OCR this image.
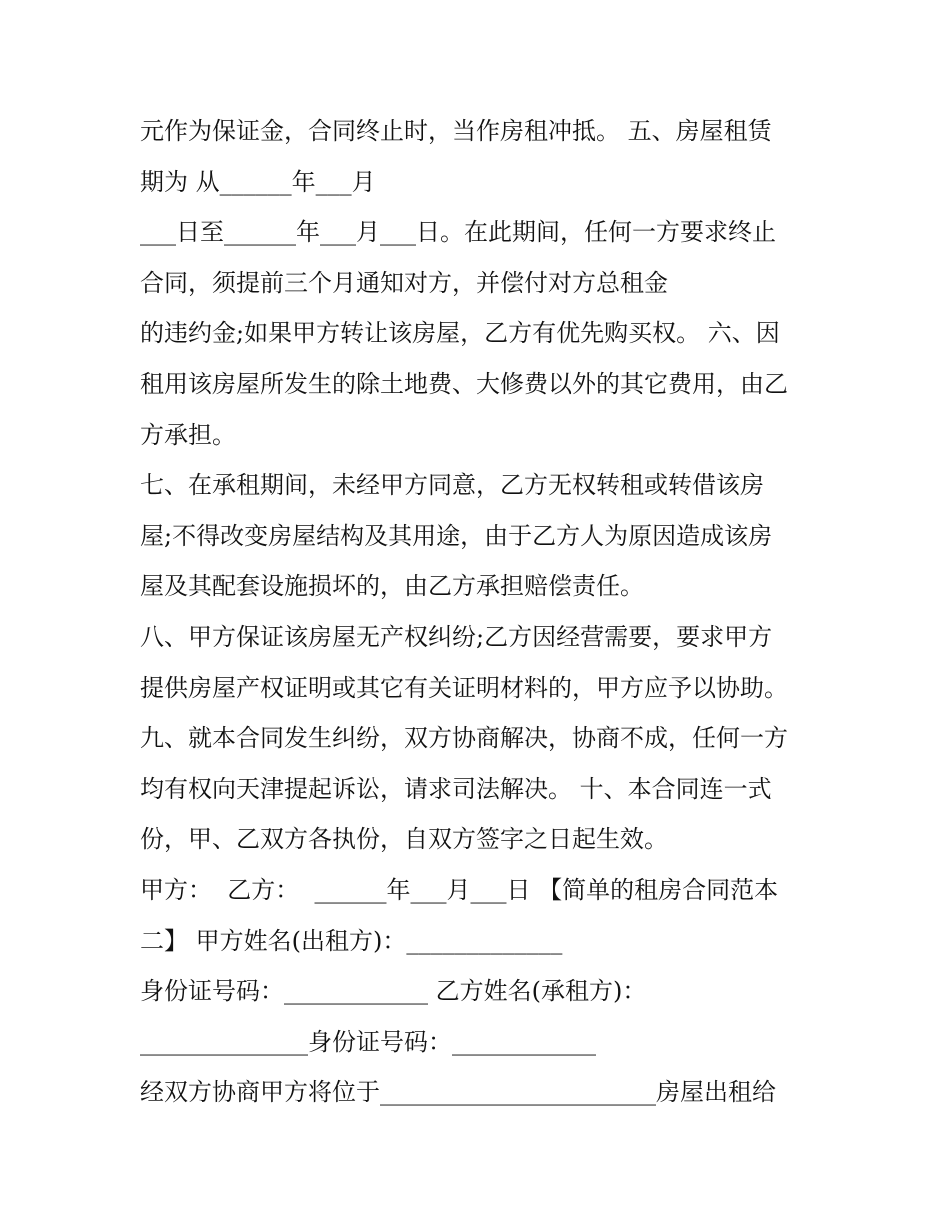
元作为保证金，合同终止时，当作房租冲抵。 五、房屋租赁
期为 从______年___月
___日至______年___月___日。在此期间，任何一方要求终止
合同，须提前三个月通知对方，并偿付对方总租金
的违约金;如果甲方转让该房屋，乙方有优先购买权。 六、因
租用该房屋所发生的除土地费、大修费以外的其它费用，由乙
方承担。
七、在承租期间，未经甲方同意，乙方无权转租或转借该房
屋;不得改变房屋结构及其用途，由于乙方人为原因造成该房
屋及其配套设施损坏的，由乙方承担赔偿责任。
八、甲方保证该房屋无产权纠纷;乙方因经营需要，要求甲方
提供房屋产权证明或其它有关证明材料的，甲方应予以协助。
九、就本合同发生纠纷，双方协商解决，协商不成，任何一方
均有权向天津提起诉讼，请求司法解决。 十、本合同连一式
份，甲、乙双方各执份，自双方签字之日起生效。
甲方：  乙方：  ______年___月___日 【简单的租房合同范本
二】 甲方姓名(出租方)：_____________
身份证号码：____________ 乙方姓名(承租方)：
______________身份证号码：____________
经双方协商甲方将位于_______________________房屋出租给
